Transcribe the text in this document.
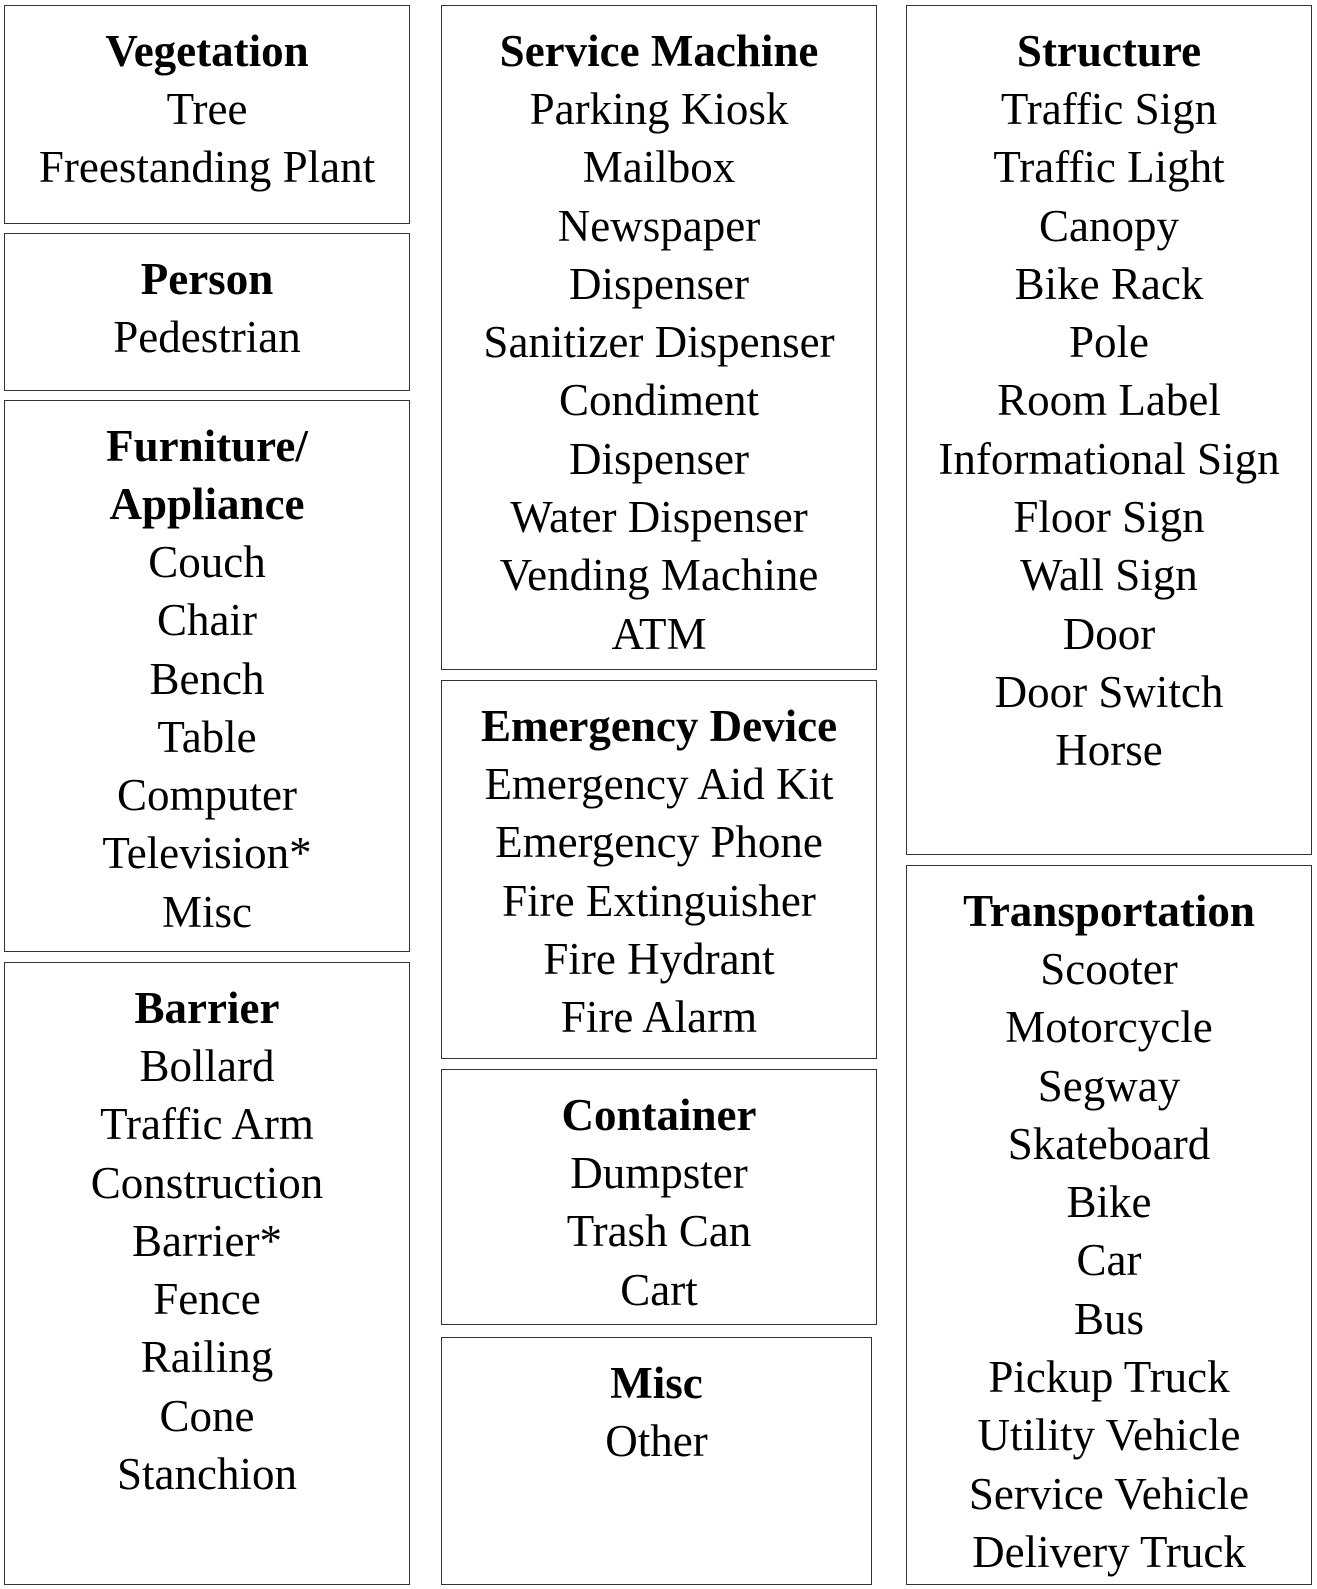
Vegetation

Tree

Freestanding Plant

Person

Pedestrian

Furniture/

Appliance

Couch

Chair

Bench

Table

Computer

Television*

Misc

Barrier

Bollard

Traffic Arm

Construction

Barrier*

Fence

Railing

Cone

Stanchion

Service Machine

Parking Kiosk

Mailbox

Newspaper

Dispenser

Sanitizer Dispenser

Condiment

Dispenser

Water Dispenser

Vending Machine

ATM

Emergency Device

Emergency Aid Kit

Emergency Phone

Fire Extinguisher

Fire Hydrant

Fire Alarm

Container

Dumpster

Trash Can

Cart

Misc

Other

Structure

Traffic Sign

Traffic Light

Canopy

Bike Rack

Pole

Room Label

Informational Sign

Floor Sign

Wall Sign

Door

Door Switch

Horse

Transportation

Scooter

Motorcycle

Segway

Skateboard

Bike

Car

Bus

Pickup Truck

Utility Vehicle

Service Vehicle

Delivery Truck
